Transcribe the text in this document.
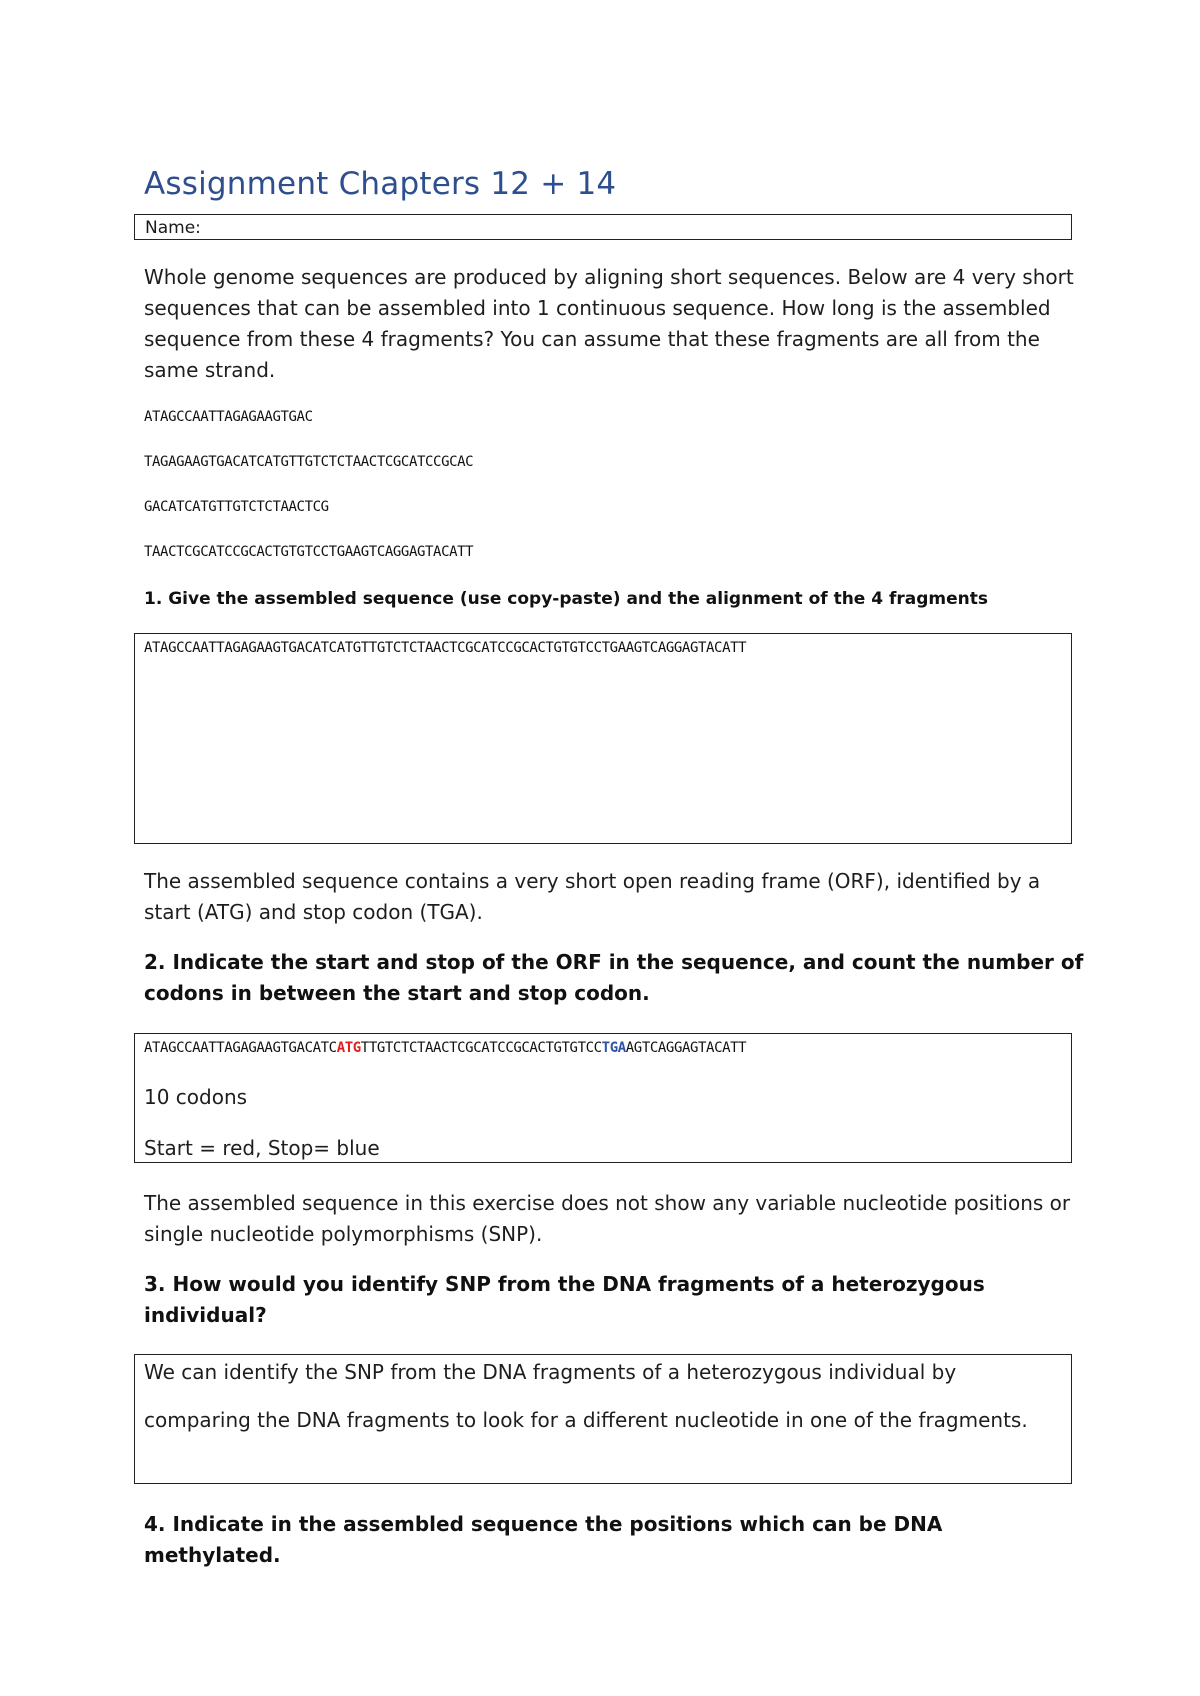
Assignment Chapters 12 + 14
Name:
Whole genome sequences are produced by aligning short sequences. Below are 4 very short sequences that can be assembled into 1 continuous sequence. How long is the assembled sequence from these 4 fragments? You can assume that these fragments are all from the same strand.
ATAGCCAATTAGAGAAGTGAC
TAGAGAAGTGACATCATGTTGTCTCTAACTCGCATCCGCAC
GACATCATGTTGTCTCTAACTCG
TAACTCGCATCCGCACTGTGTCCTGAAGTCAGGAGTACATT
1. Give the assembled sequence (use copy-paste) and the alignment of the 4 fragments
ATAGCCAATTAGAGAAGTGACATCATGTTGTCTCTAACTCGCATCCGCACTGTGTCCTGAAGTCAGGAGTACATT
The assembled sequence contains a very short open reading frame (ORF), identified by a start (ATG) and stop codon (TGA).
2. Indicate the start and stop of the ORF in the sequence, and count the number of codons in between the start and stop codon.
ATAGCCAATTAGAGAAGTGACATCATGTTGTCTCTAACTCGCATCCGCACTGTGTCCTGAAGTCAGGAGTACATT
10 codons
Start = red, Stop= blue
The assembled sequence in this exercise does not show any variable nucleotide positions or single nucleotide polymorphisms (SNP).
3. How would you identify SNP from the DNA fragments of a heterozygous individual?
We can identify the SNP from the DNA fragments of a heterozygous individual by
comparing the DNA fragments to look for a different nucleotide in one of the fragments.
4. Indicate in the assembled sequence the positions which can be DNA methylated.
